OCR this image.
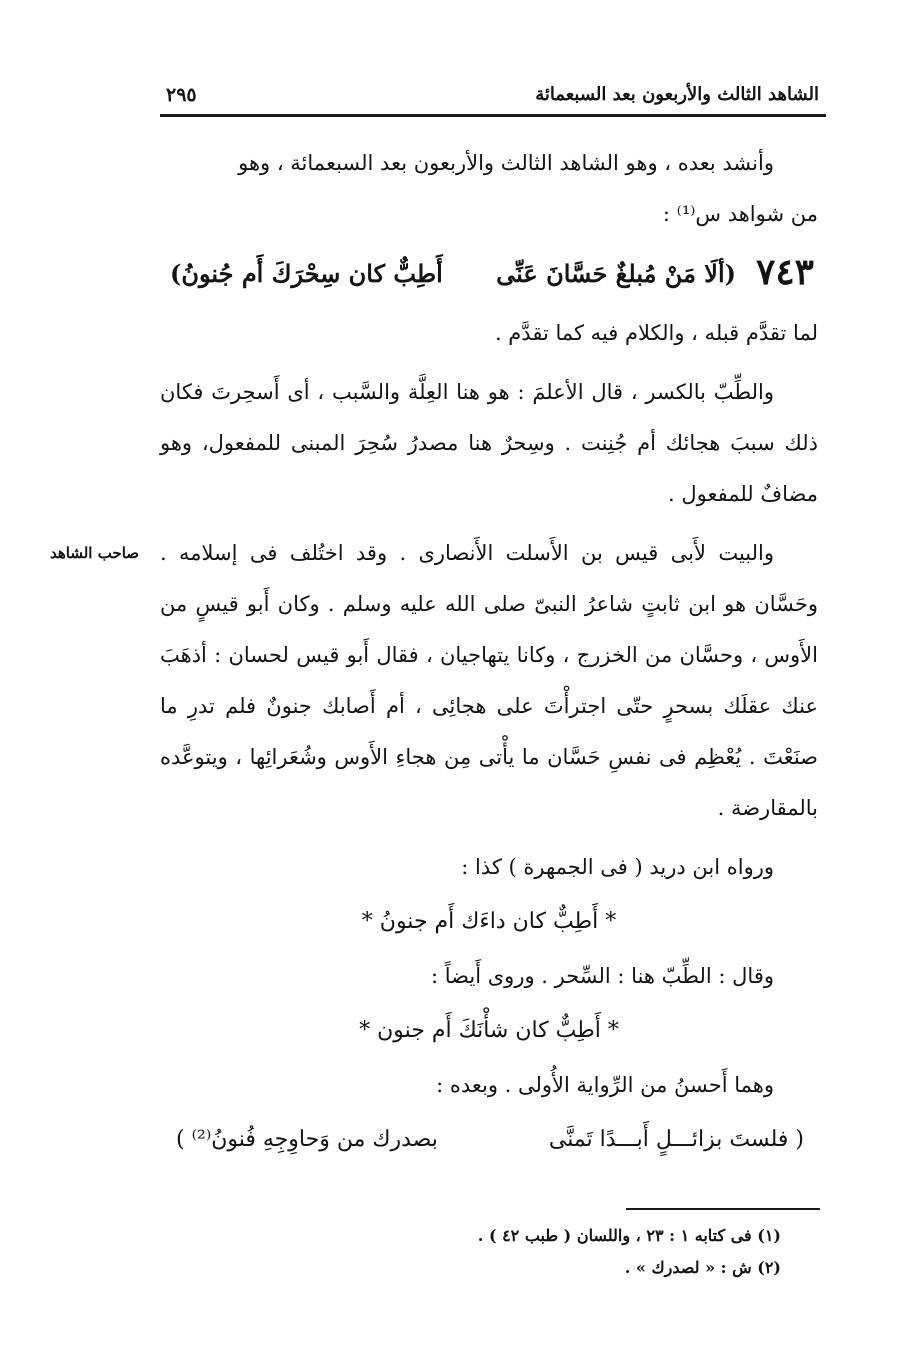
الشاهد الثالث والأربعون بعد السبعمائة
٢٩٥

وأنشد بعده ، وهو الشاهد الثالث والأربعون بعد السبعمائة ، وهو

من شواهد س⁽¹⁾ :

٧٤٣
(ألَا مَنْ مُبلغٌ حَسَّانَ عَنِّى
أَطِبٌّ كان سِحْرَكَ أَم جُنونُ)

لما تقدَّم قبله ، والكلام فيه كما تقدَّم .

والطِّبّ بالكسر ، قال الأعلمَ : هو هنا العِلَّة والسَّبب ، أى أَسحِرتَ فكان ذلك سببَ هجائك أم جُنِنت . وسِحرٌ هنا مصدرُ سُحِرَ المبنى للمفعول، وهو مضافٌ للمفعول .

والبيت لأَبى قيس بن الأَسلت الأَنصارى . وقد اختُلف فى إسلامه . وحَسَّان هو ابن ثابتٍ شاعرُ النبىّ صلى الله عليه وسلم . وكان أَبو قيسٍ من الأَوس ، وحسَّان من الخزرج ، وكانا يتهاجيان ، فقال أَبو قيس لحسان : أذهَبَ عنك عقلَك بسحرٍ حتّى اجترأْتَ على هجائِى ، أم أَصابك جنونٌ فلم تدرِ ما صنَعْتَ . يُعْظِم فى نفسِ حَسَّان ما يأْتى مِن هجاءِ الأَوس وشُعَرائِها ، ويتوعَّده بالمقارضة .

ورواه ابن دريد ( فى الجمهرة ) كذا :

* أَطِبٌّ كان داءَك أَم جنونُ *

وقال : الطِّبّ هنا : السِّحر . وروى أَيضاً :

* أَطِبٌّ كان شأْنَكَ أَم جنون *

وهما أَحسنُ من الرِّواية الأُولى . وبعده :

( فلستَ بزائـــلٍ أَبـــدًا تَمنَّى
بصدرك من وَحاوِجِهِ فُنونُ⁽²⁾ )
صاحب الشاهد

(١) فى كتابه ١ : ٢٣ ، واللسان ( طبب ٤٢ ) .

(٢) ش : « لصدرك » .
